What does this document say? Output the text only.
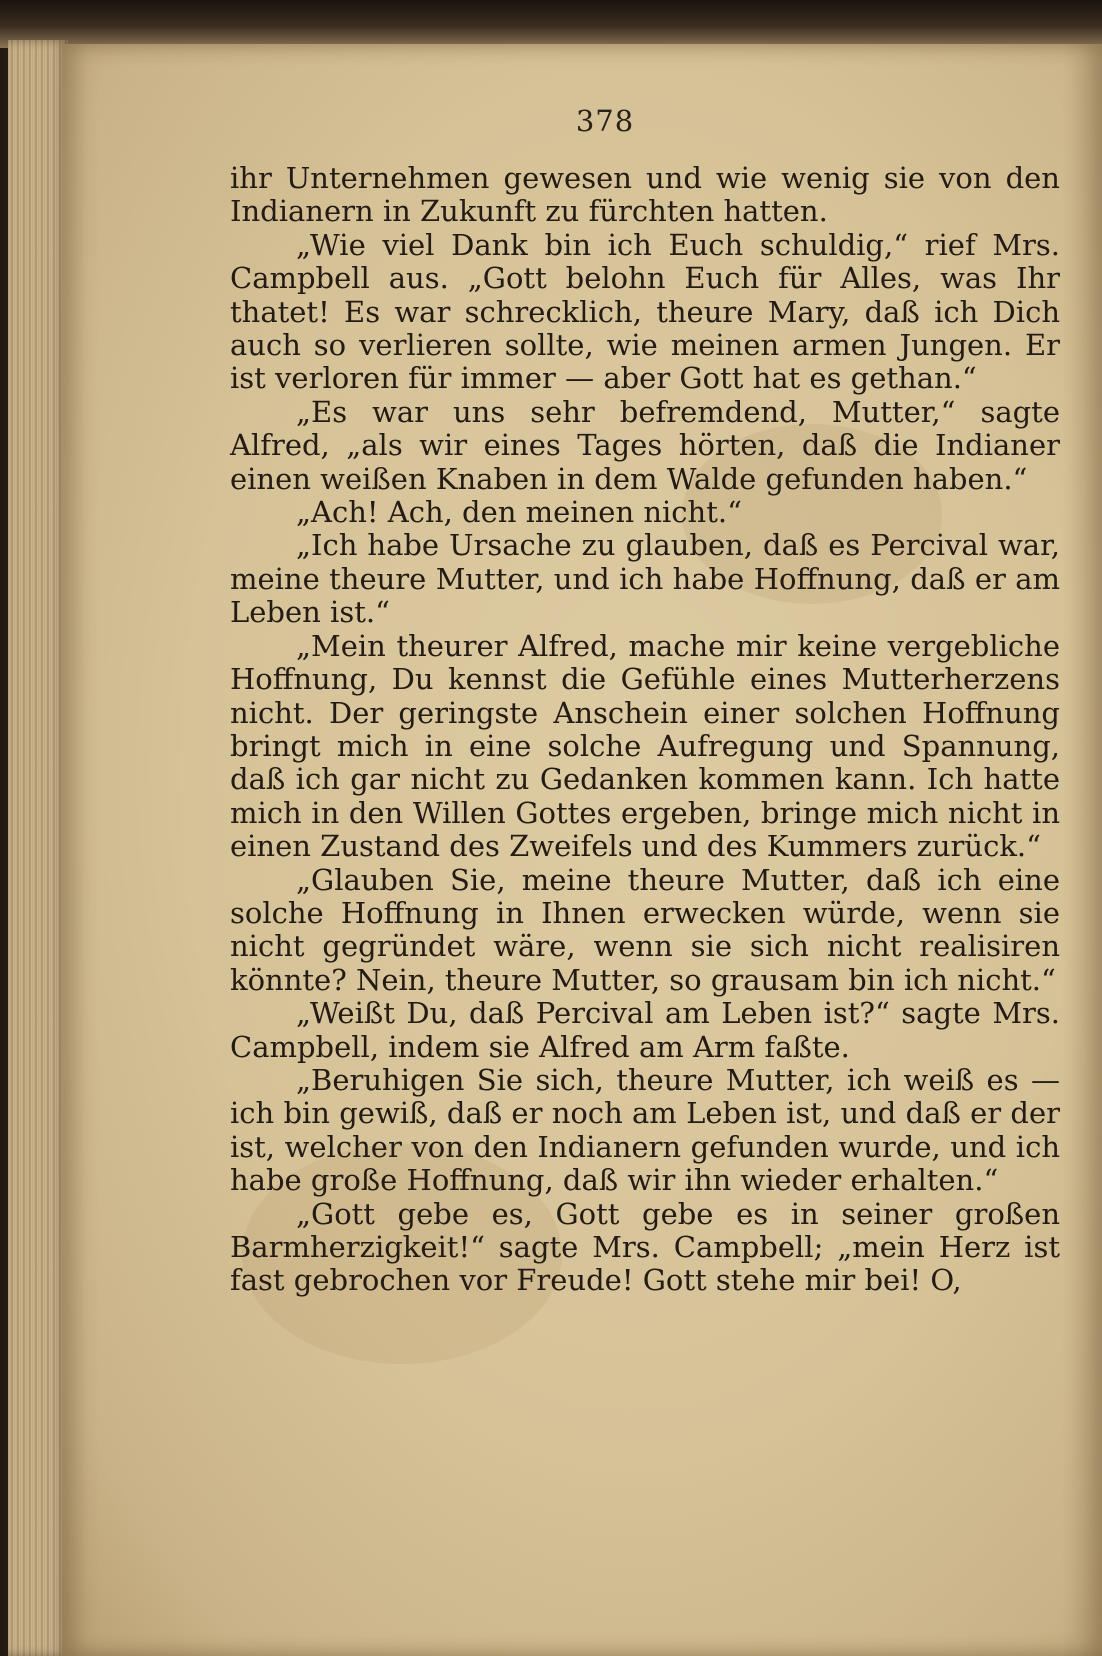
378

ihr Unternehmen gewesen und wie wenig sie von den Indianern in Zukunft zu fürchten hatten.

„Wie viel Dank bin ich Euch schuldig,“ rief Mrs. Campbell aus. „Gott belohn Euch für Alles, was Ihr thatet! Es war schrecklich, theure Mary, daß ich Dich auch so verlieren sollte, wie meinen armen Jungen. Er ist verloren für immer — aber Gott hat es gethan.“

„Es war uns sehr befremdend, Mutter,“ sagte Alfred, „als wir eines Tages hörten, daß die Indianer einen weißen Knaben in dem Walde gefunden haben.“

„Ach! Ach, den meinen nicht.“

„Ich habe Ursache zu glauben, daß es Percival war, meine theure Mutter, und ich habe Hoffnung, daß er am Leben ist.“

„Mein theurer Alfred, mache mir keine vergebliche Hoffnung, Du kennst die Gefühle eines Mutterherzens nicht. Der geringste Anschein einer solchen Hoffnung bringt mich in eine solche Aufregung und Spannung, daß ich gar nicht zu Gedanken kommen kann. Ich hatte mich in den Willen Gottes ergeben, bringe mich nicht in einen Zustand des Zweifels und des Kummers zurück.“

„Glauben Sie, meine theure Mutter, daß ich eine solche Hoffnung in Ihnen erwecken würde, wenn sie nicht gegründet wäre, wenn sie sich nicht realisiren könnte? Nein, theure Mutter, so grausam bin ich nicht.“

„Weißt Du, daß Percival am Leben ist?“ sagte Mrs. Campbell, indem sie Alfred am Arm faßte.

„Beruhigen Sie sich, theure Mutter, ich weiß es — ich bin gewiß, daß er noch am Leben ist, und daß er der ist, welcher von den Indianern gefunden wurde, und ich habe große Hoffnung, daß wir ihn wieder erhalten.“

„Gott gebe es, Gott gebe es in seiner großen Barmherzigkeit!“ sagte Mrs. Campbell; „mein Herz ist fast gebrochen vor Freude! Gott stehe mir bei! O,
